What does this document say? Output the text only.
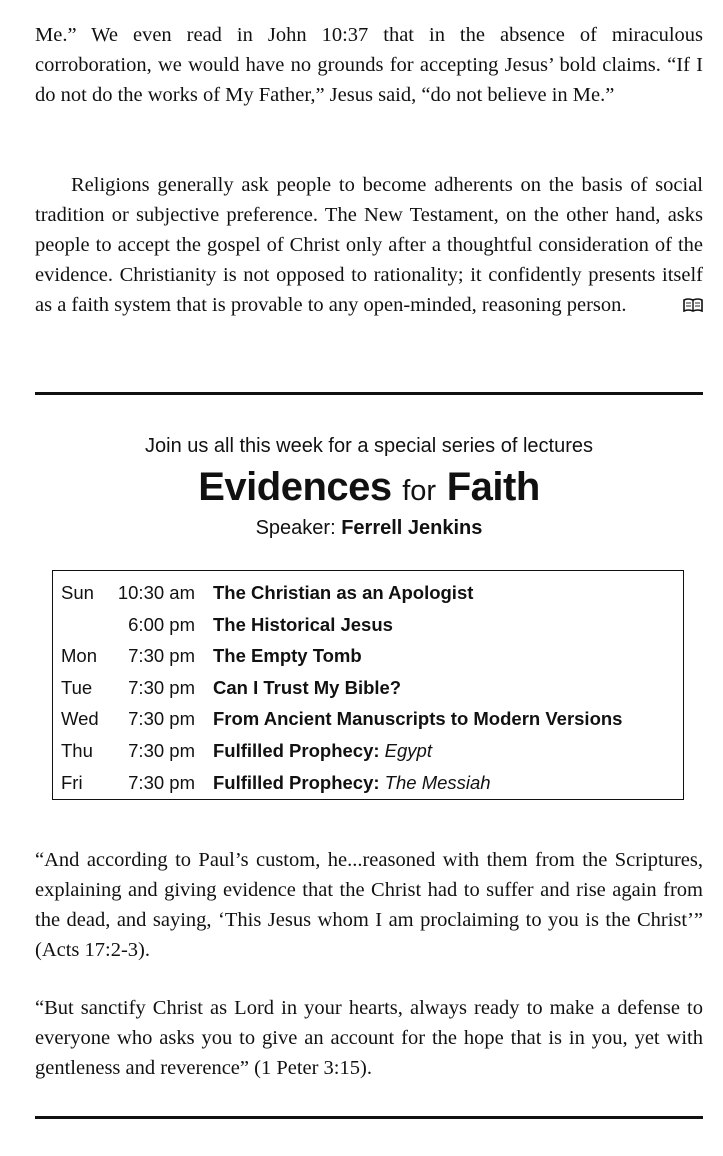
Me.” We even read in John 10:37 that in the absence of miraculous corroboration, we would have no grounds for accepting Jesus’ bold claims. “If I do not do the works of My Father,” Jesus said, “do not believe in Me.”

Religions generally ask people to become adherents on the basis of social tradition or subjective preference. The New Testament, on the other hand, asks people to accept the gospel of Christ only after a thoughtful consideration of the evidence. Christianity is not opposed to rationality; it confidently presents itself as a faith system that is provable to any open-minded, reasoning person.

Join us all this week for a special series of lectures
Evidences for Faith
Speaker: Ferrell Jenkins
Sun 10:30 am The Christian as an Apologist
6:00 pm The Historical Jesus
Mon 7:30 pm The Empty Tomb
Tue 7:30 pm Can I Trust My Bible?
Wed 7:30 pm From Ancient Manuscripts to Modern Versions
Thu 7:30 pm Fulfilled Prophecy: Egypt
Fri 7:30 pm Fulfilled Prophecy: The Messiah

“And according to Paul’s custom, he...reasoned with them from the Scriptures, explaining and giving evidence that the Christ had to suffer and rise again from the dead, and saying, ‘This Jesus whom I am proclaiming to you is the Christ’” (Acts 17:2-3).

“But sanctify Christ as Lord in your hearts, always ready to make a defense to everyone who asks you to give an account for the hope that is in you, yet with gentleness and reverence” (1 Peter 3:15).
